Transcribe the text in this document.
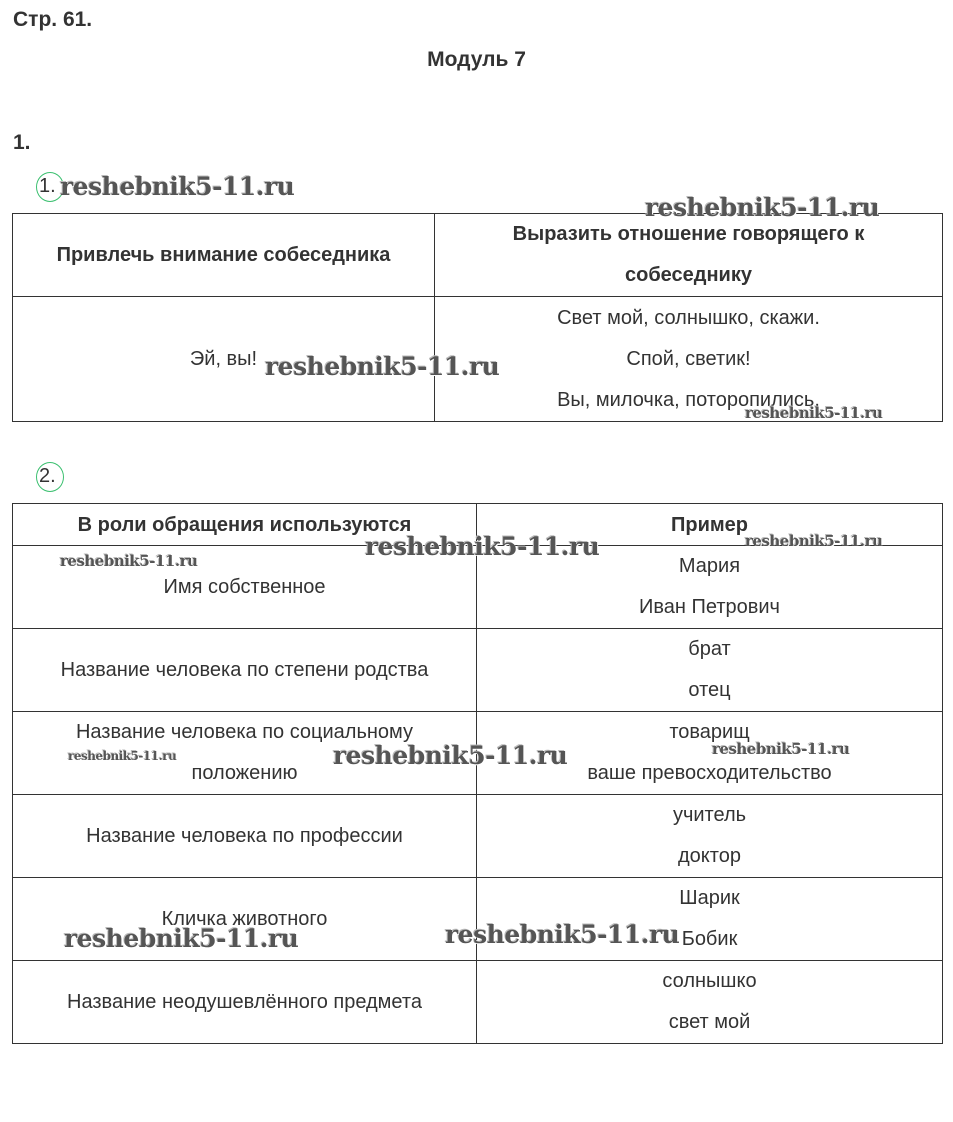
Стр. 61.
Модуль 7
1.
1.
Привлечь внимание собеседника	Выразить отношение говорящего к собеседнику

Эй, вы!	Свет мой, солнышко, скажи.
Спой, светик!
Вы, милочка, поторопились.
2.
В роли обращения используются	Пример

Имя собственное	Мария
Иван Петрович

Название человека по степени родства	брат
отец

Название человека по социальному положению	товарищ
ваше превосходительство

Название человека по профессии	учитель
доктор

Кличка животного	Шарик
Бобик

Название неодушевлённого предмета	солнышко
свет мой
reshebnik5-11.ru
reshebnik5-11.ru
reshebnik5-11.ru
reshebnik5-11.ru
reshebnik5-11.ru
reshebnik5-11.ru
reshebnik5-11.ru
reshebnik5-11.ru	reshebnik5-11.ru	reshebnik5-11.ru
reshebnik5-11.ru	reshebnik5-11.ru
